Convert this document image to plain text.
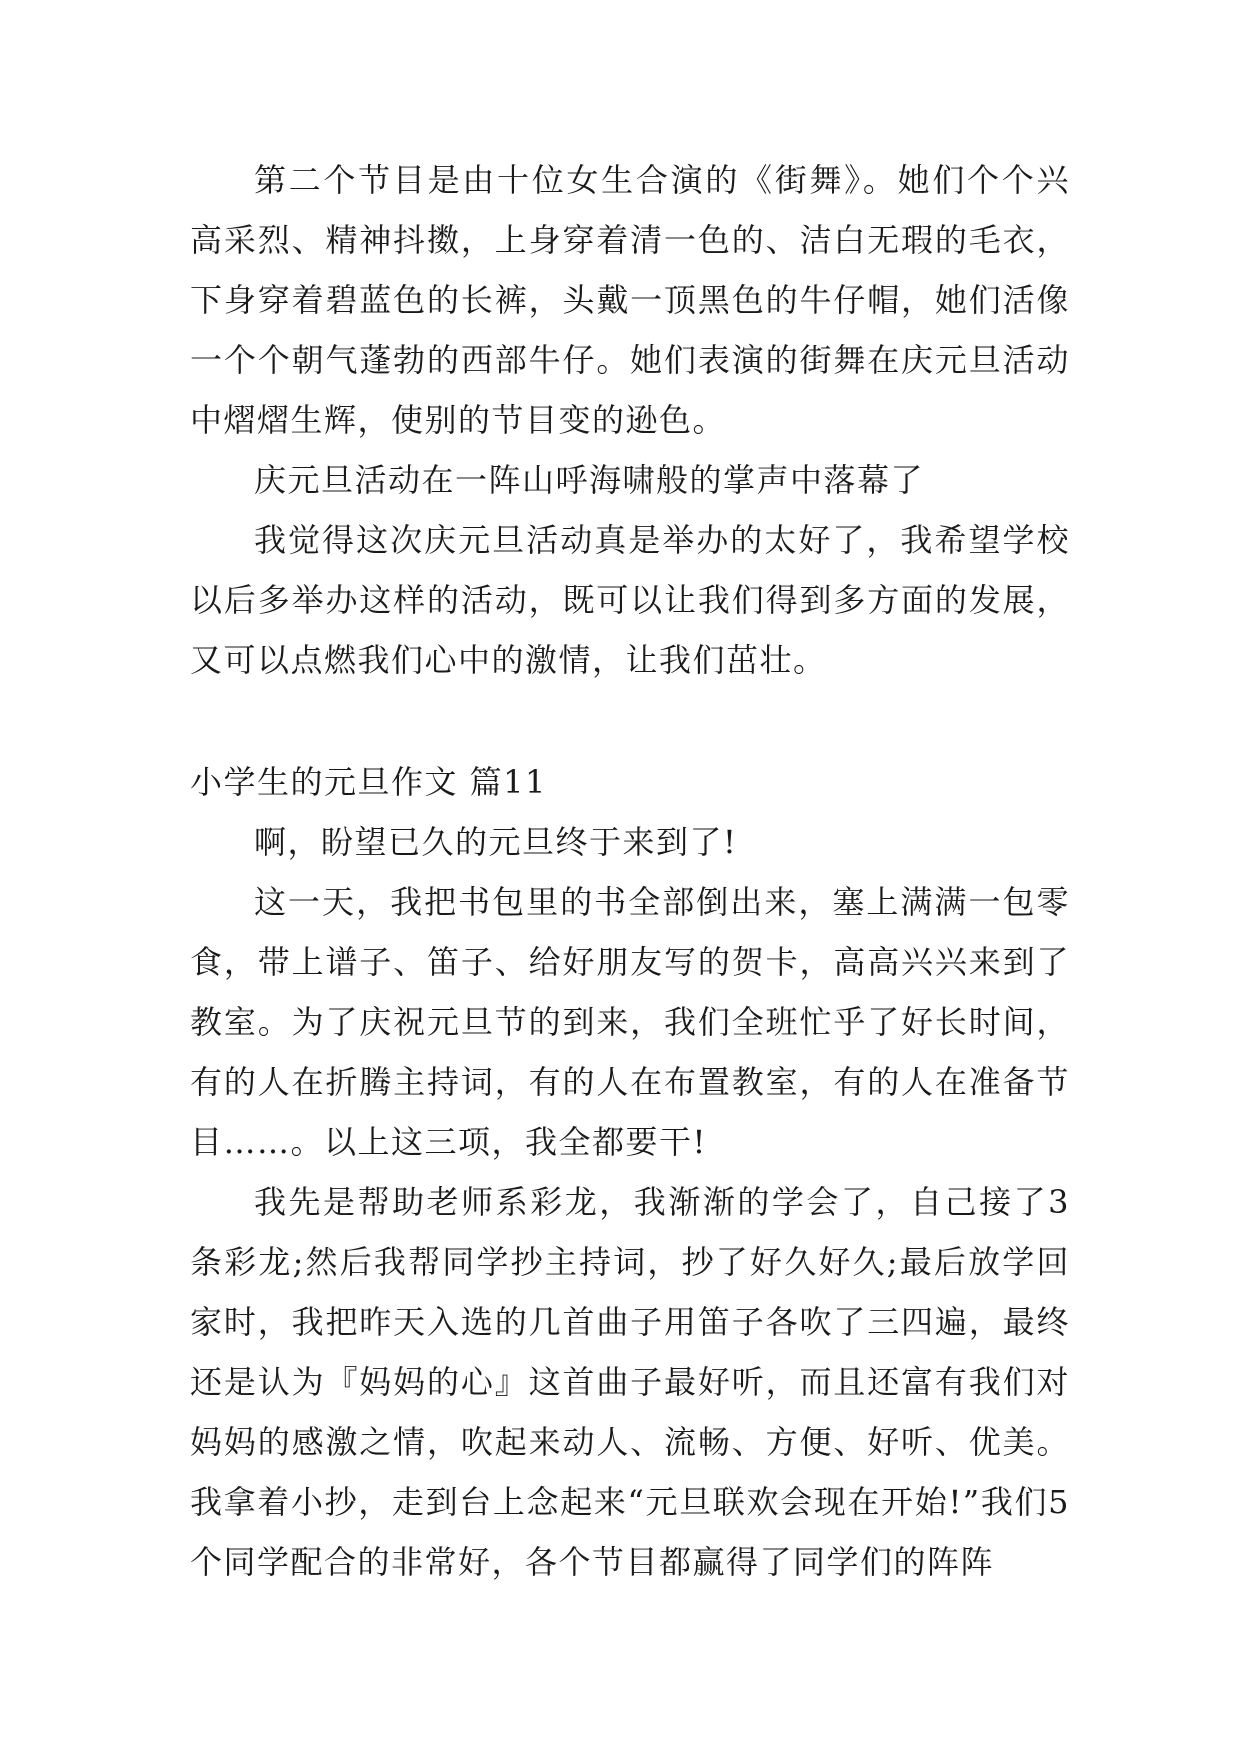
第二个节目是由十位女生合演的《街舞》。她们个个兴高采烈、精神抖擞，上身穿着清一色的、洁白无瑕的毛衣，下身穿着碧蓝色的长裤，头戴一顶黑色的牛仔帽，她们活像一个个朝气蓬勃的西部牛仔。她们表演的街舞在庆元旦活动中熠熠生辉，使别的节目变的逊色。

庆元旦活动在一阵山呼海啸般的掌声中落幕了

我觉得这次庆元旦活动真是举办的太好了，我希望学校以后多举办这样的活动，既可以让我们得到多方面的发展，又可以点燃我们心中的激情，让我们茁壮。

小学生的元旦作文 篇11

啊，盼望已久的元旦终于来到了!

这一天，我把书包里的书全部倒出来，塞上满满一包零食，带上谱子、笛子、给好朋友写的贺卡，高高兴兴来到了教室。为了庆祝元旦节的到来，我们全班忙乎了好长时间，有的人在折腾主持词，有的人在布置教室，有的人在准备节目……。以上这三项，我全都要干!

我先是帮助老师系彩龙，我渐渐的学会了，自己接了3条彩龙;然后我帮同学抄主持词，抄了好久好久;最后放学回家时，我把昨天入选的几首曲子用笛子各吹了三四遍，最终还是认为『妈妈的心』这首曲子最好听，而且还富有我们对妈妈的感激之情，吹起来动人、流畅、方便、好听、优美。我拿着小抄，走到台上念起来“元旦联欢会现在开始!”我们5个同学配合的非常好，各个节目都赢得了同学们的阵阵
